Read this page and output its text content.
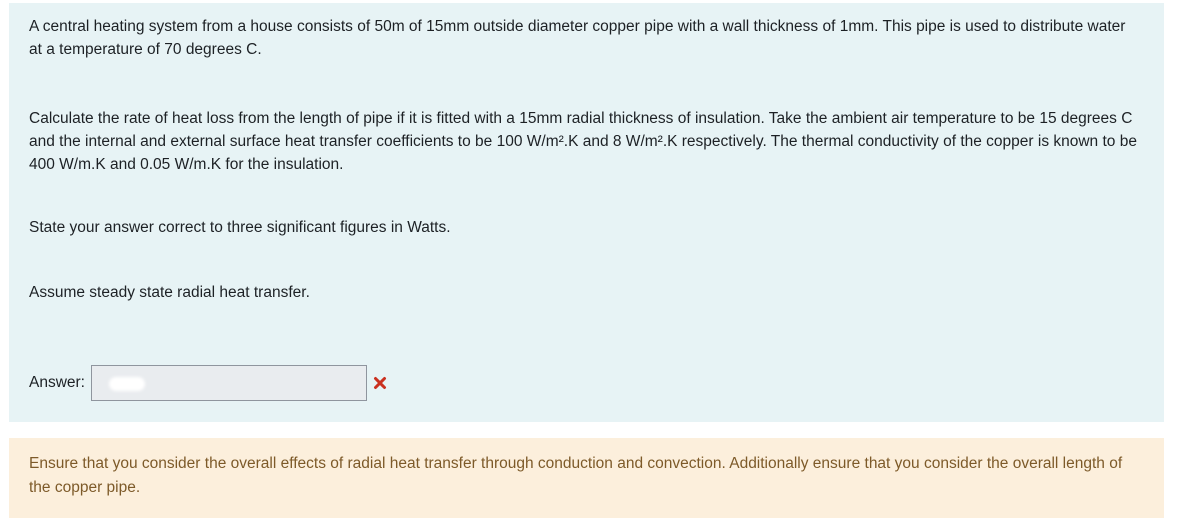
A central heating system from a house consists of 50m of 15mm outside diameter copper pipe with a wall thickness of 1mm. This pipe is used to distribute water at a temperature of 70 degrees C.

Calculate the rate of heat loss from the length of pipe if it is fitted with a 15mm radial thickness of insulation. Take the ambient air temperature to be 15 degrees C and the internal and external surface heat transfer coefficients to be 100 W/m².K and 8 W/m².K respectively. The thermal conductivity of the copper is known to be 400 W/m.K and 0.05 W/m.K for the insulation.

State your answer correct to three significant figures in Watts.

Assume steady state radial heat transfer.

Answer:

Ensure that you consider the overall effects of radial heat transfer through conduction and convection. Additionally ensure that you consider the overall length of the copper pipe.
